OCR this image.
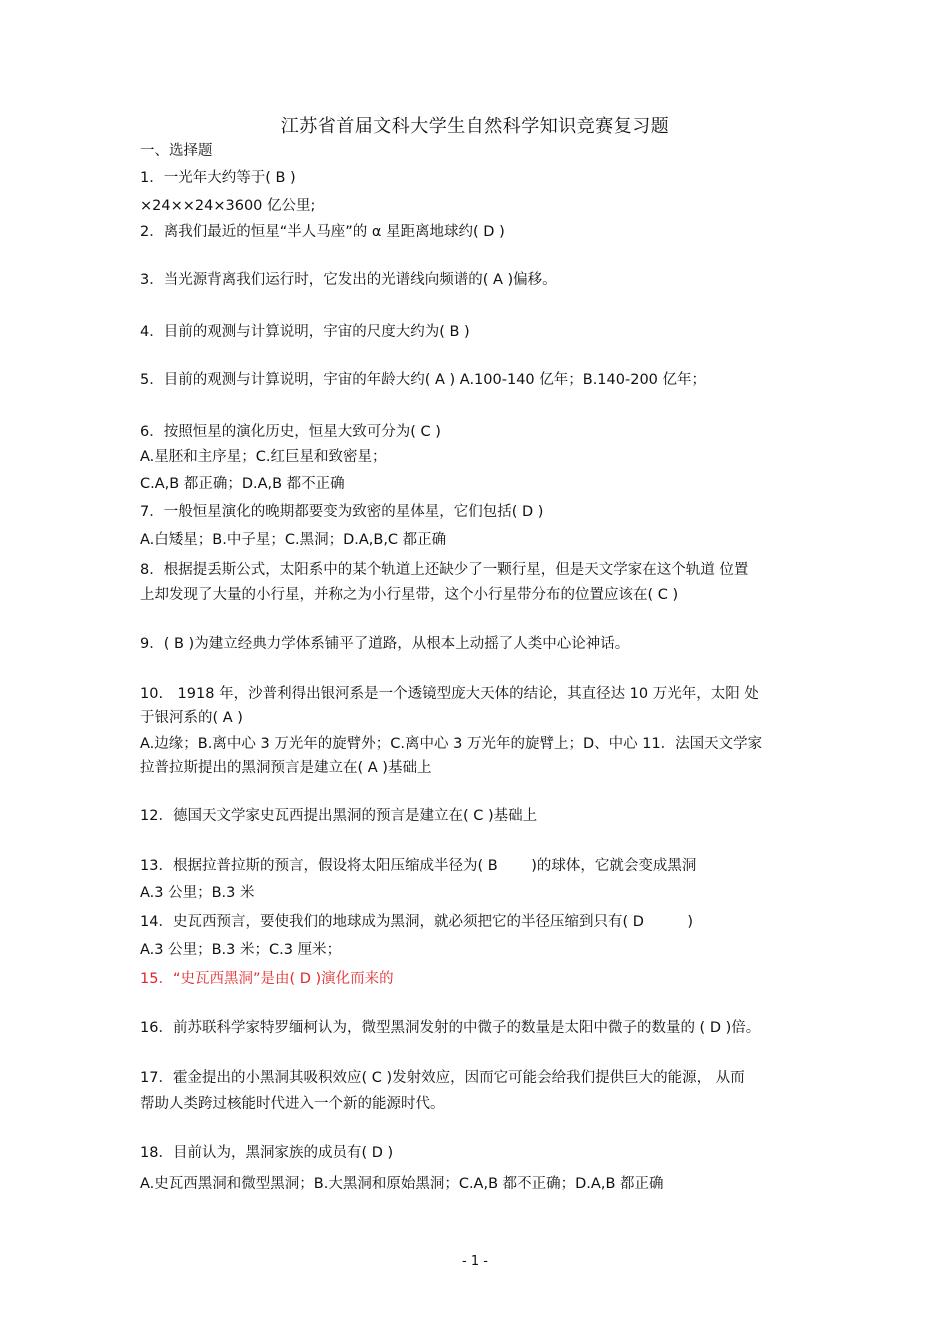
江苏省首届文科大学生自然科学知识竞赛复习题
一、选择题
1．一光年大约等于( B )
×24××24×3600 亿公里;
2．离我们最近的恒星“半人马座”的 α 星距离地球约( D )
3．当光源背离我们运行时，它发出的光谱线向频谱的( A )偏移。
4．目前的观测与计算说明，宇宙的尺度大约为( B )
5．目前的观测与计算说明，宇宙的年龄大约( A ) A.100-140 亿年；B.140-200 亿年；
6．按照恒星的演化历史，恒星大致可分为( C )
A.星胚和主序星；C.红巨星和致密星；
C.A,B 都正确；D.A,B 都不正确
7．一般恒星演化的晚期都要变为致密的星体星，它们包括( D )
A.白矮星；B.中子星；C.黑洞；D.A,B,C 都正确
8．根据提丢斯公式，太阳系中的某个轨道上还缺少了一颗行星，但是天文学家在这个轨道 位置
上却发现了大量的小行星，并称之为小行星带，这个小行星带分布的位置应该在( C )
9．( B )为建立经典力学体系铺平了道路，从根本上动摇了人类中心论神话。
10.　1918 年，沙普利得出银河系是一个透镜型庞大天体的结论，其直径达 10 万光年，太阳 处
于银河系的( A )
A.边缘；B.离中心 3 万光年的旋臂外；C.离中心 3 万光年的旋臂上；D、中心 11．法国天文学家
拉普拉斯提出的黑洞预言是建立在( A )基础上
12．德国天文学家史瓦西提出黑洞的预言是建立在( C )基础上
13．根据拉普拉斯的预言，假设将太阳压缩成半径为( B　　 )的球体，它就会变成黑洞
A.3 公里；B.3 米
14．史瓦西预言，要使我们的地球成为黑洞，就必须把它的半径压缩到只有( D　　　)
A.3 公里；B.3 米；C.3 厘米；
15．“史瓦西黑洞”是由( D )演化而来的
16．前苏联科学家特罗缅柯认为，微型黑洞发射的中微子的数量是太阳中微子的数量的 ( D )倍。
17．霍金提出的小黑洞其吸积效应( C )发射效应，因而它可能会给我们提供巨大的能源， 从而
帮助人类跨过核能时代进入一个新的能源时代。
18．目前认为，黑洞家族的成员有( D )
A.史瓦西黑洞和微型黑洞；B.大黑洞和原始黑洞；C.A,B 都不正确；D.A,B 都正确
- 1 -
